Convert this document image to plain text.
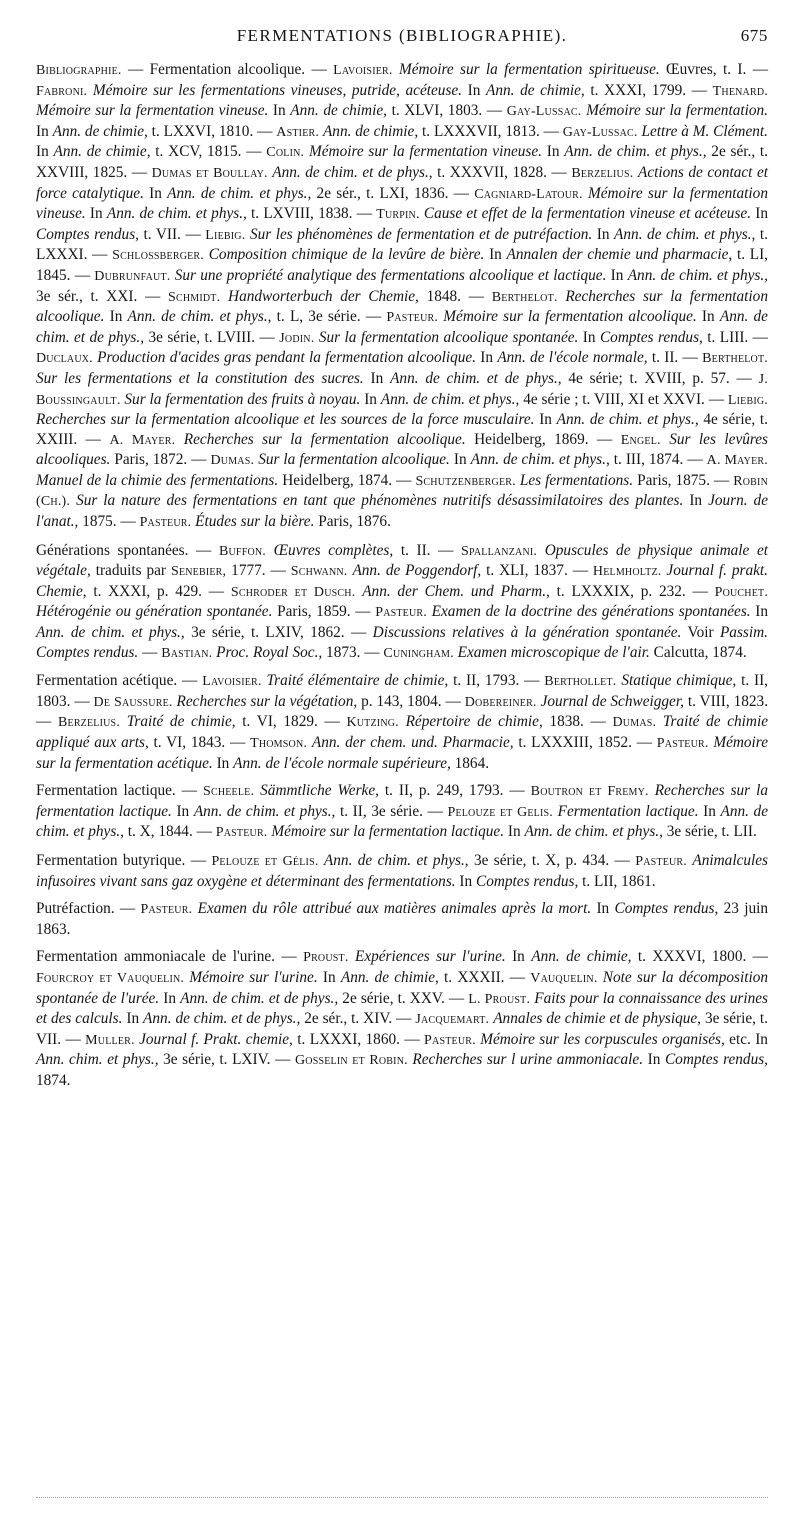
FERMENTATIONS (BIBLIOGRAPHIE).	675

Bibliographie. — Fermentation alcoolique. — Lavoisier. Mémoire sur la fermentation spiritueuse. Œuvres, t. I. — Fabroni. Mémoire sur les fermentations vineuses, putride, acéteuse. In Ann. de chimie, t. XXXI, 1799. — Thenard. Mémoire sur la fermentation vineuse. In Ann. de chimie, t. XLVI, 1803. — Gay-Lussac. Mémoire sur la fermentation. In Ann. de chimie, t. LXXVI, 1810. — Astier. Ann. de chimie, t. LXXXVII, 1813. — Gay-Lussac. Lettre à M. Clément. In Ann. de chimie, t. XCV, 1815. — Colin. Mémoire sur la fermentation vineuse. In Ann. de chim. et phys., 2e sér., t. XXVIII, 1825. — Dumas et Boullay. Ann. de chim. et de phys., t. XXXVII, 1828. — Berzelius. Actions de contact et force catalytique. In Ann. de chim. et phys., 2e sér., t. LXI, 1836. — Cagniard-Latour. Mémoire sur la fermentation vineuse. In Ann. de chim. et phys., t. LXVIII, 1838. — Turpin. Cause et effet de la fermentation vineuse et acéteuse. In Comptes rendus, t. VII. — Liebig. Sur les phénomènes de fermentation et de putréfaction. In Ann. de chim. et phys., t. LXXXI. — Schlossberger. Composition chimique de la levûre de bière. In Annalen der chemie und pharmacie, t. LI, 1845. — Dubrunfaut. Sur une propriété analytique des fermentations alcoolique et lactique. In Ann. de chim. et phys., 3e sér., t. XXI. — Schmidt. Handworterbuch der Chemie, 1848. — Berthelot. Recherches sur la fermentation alcoolique. In Ann. de chim. et phys., t. L, 3e série. — Pasteur. Mémoire sur la fermentation alcoolique. In Ann. de chim. et de phys., 3e série, t. LVIII. — Jodin. Sur la fermentation alcoolique spontanée. In Comptes rendus, t. LIII. — Duclaux. Production d'acides gras pendant la fermentation alcoolique. In Ann. de l'école normale, t. II. — Berthelot. Sur les fermentations et la constitution des sucres. In Ann. de chim. et de phys., 4e série; t. XVIII, p. 57. — J. Boussingault. Sur la fermentation des fruits à noyau. In Ann. de chim. et phys., 4e série ; t. VIII, XI et XXVI. — Liebig. Recherches sur la fermentation alcoolique et les sources de la force musculaire. In Ann. de chim. et phys., 4e série, t. XXIII. — A. Mayer. Recherches sur la fermentation alcoolique. Heidelberg, 1869. — Engel. Sur les levûres alcooliques. Paris, 1872. — Dumas. Sur la fermentation alcoolique. In Ann. de chim. et phys., t. III, 1874. — A. Mayer. Manuel de la chimie des fermentations. Heidelberg, 1874. — Schutzenberger. Les fermentations. Paris, 1875. — Robin (Ch.). Sur la nature des fermentations en tant que phénomènes nutritifs désassimilatoires des plantes. In Journ. de l'anat., 1875. — Pasteur. Études sur la bière. Paris, 1876.

Générations spontanées. — Buffon. Œuvres complètes, t. II. — Spallanzani. Opuscules de physique animale et végétale, traduits par Senebier, 1777. — Schwann. Ann. de Poggendorf, t. XLI, 1837. — Helmholtz. Journal f. prakt. Chemie, t. XXXI, p. 429. — Schroder et Dusch. Ann. der Chem. und Pharm., t. LXXXIX, p. 232. — Pouchet. Hétérogénie ou génération spontanée. Paris, 1859. — Pasteur. Examen de la doctrine des générations spontanées. In Ann. de chim. et phys., 3e série, t. LXIV, 1862. — Discussions relatives à la génération spontanée. Voir Passim. Comptes rendus. — Bastian. Proc. Royal Soc., 1873. — Cuningham. Examen microscopique de l'air. Calcutta, 1874.

Fermentation acétique. — Lavoisier. Traité élémentaire de chimie, t. II, 1793. — Berthollet. Statique chimique, t. II, 1803. — De Saussure. Recherches sur la végétation, p. 143, 1804. — Dobereiner. Journal de Schweigger, t. VIII, 1823. — Berzelius. Traité de chimie, t. VI, 1829. — Kutzing. Répertoire de chimie, 1838. — Dumas. Traité de chimie appliqué aux arts, t. VI, 1843. — Thomson. Ann. der chem. und. Pharmacie, t. LXXXIII, 1852. — Pasteur. Mémoire sur la fermentation acétique. In Ann. de l'école normale supérieure, 1864.

Fermentation lactique. — Scheele. Sämmtliche Werke, t. II, p. 249, 1793. — Boutron et Fremy. Recherches sur la fermentation lactique. In Ann. de chim. et phys., t. II, 3e série. — Pelouze et Gelis. Fermentation lactique. In Ann. de chim. et phys., t. X, 1844. — Pasteur. Mémoire sur la fermentation lactique. In Ann. de chim. et phys., 3e série, t. LII.

Fermentation butyrique. — Pelouze et Gélis. Ann. de chim. et phys., 3e série, t. X, p. 434. — Pasteur. Animalcules infusoires vivant sans gaz oxygène et déterminant des fermentations. In Comptes rendus, t. LII, 1861.

Putréfaction. — Pasteur. Examen du rôle attribué aux matières animales après la mort. In Comptes rendus, 23 juin 1863.

Fermentation ammoniacale de l'urine. — Proust. Expériences sur l'urine. In Ann. de chimie, t. XXXVI, 1800. — Fourcroy et Vauquelin. Mémoire sur l'urine. In Ann. de chimie, t. XXXII. — Vauquelin. Note sur la décomposition spontanée de l'urée. In Ann. de chim. et de phys., 2e série, t. XXV. — L. Proust. Faits pour la connaissance des urines et des calculs. In Ann. de chim. et de phys., 2e sér., t. XIV. — Jacquemart. Annales de chimie et de physique, 3e série, t. VII. — Muller. Journal f. Prakt. chemie, t. LXXXI, 1860. — Pasteur. Mémoire sur les corpuscules organisés, etc. In Ann. chim. et phys., 3e série, t. LXIV. — Gosselin et Robin. Recherches sur l urine ammoniacale. In Comptes rendus, 1874.
